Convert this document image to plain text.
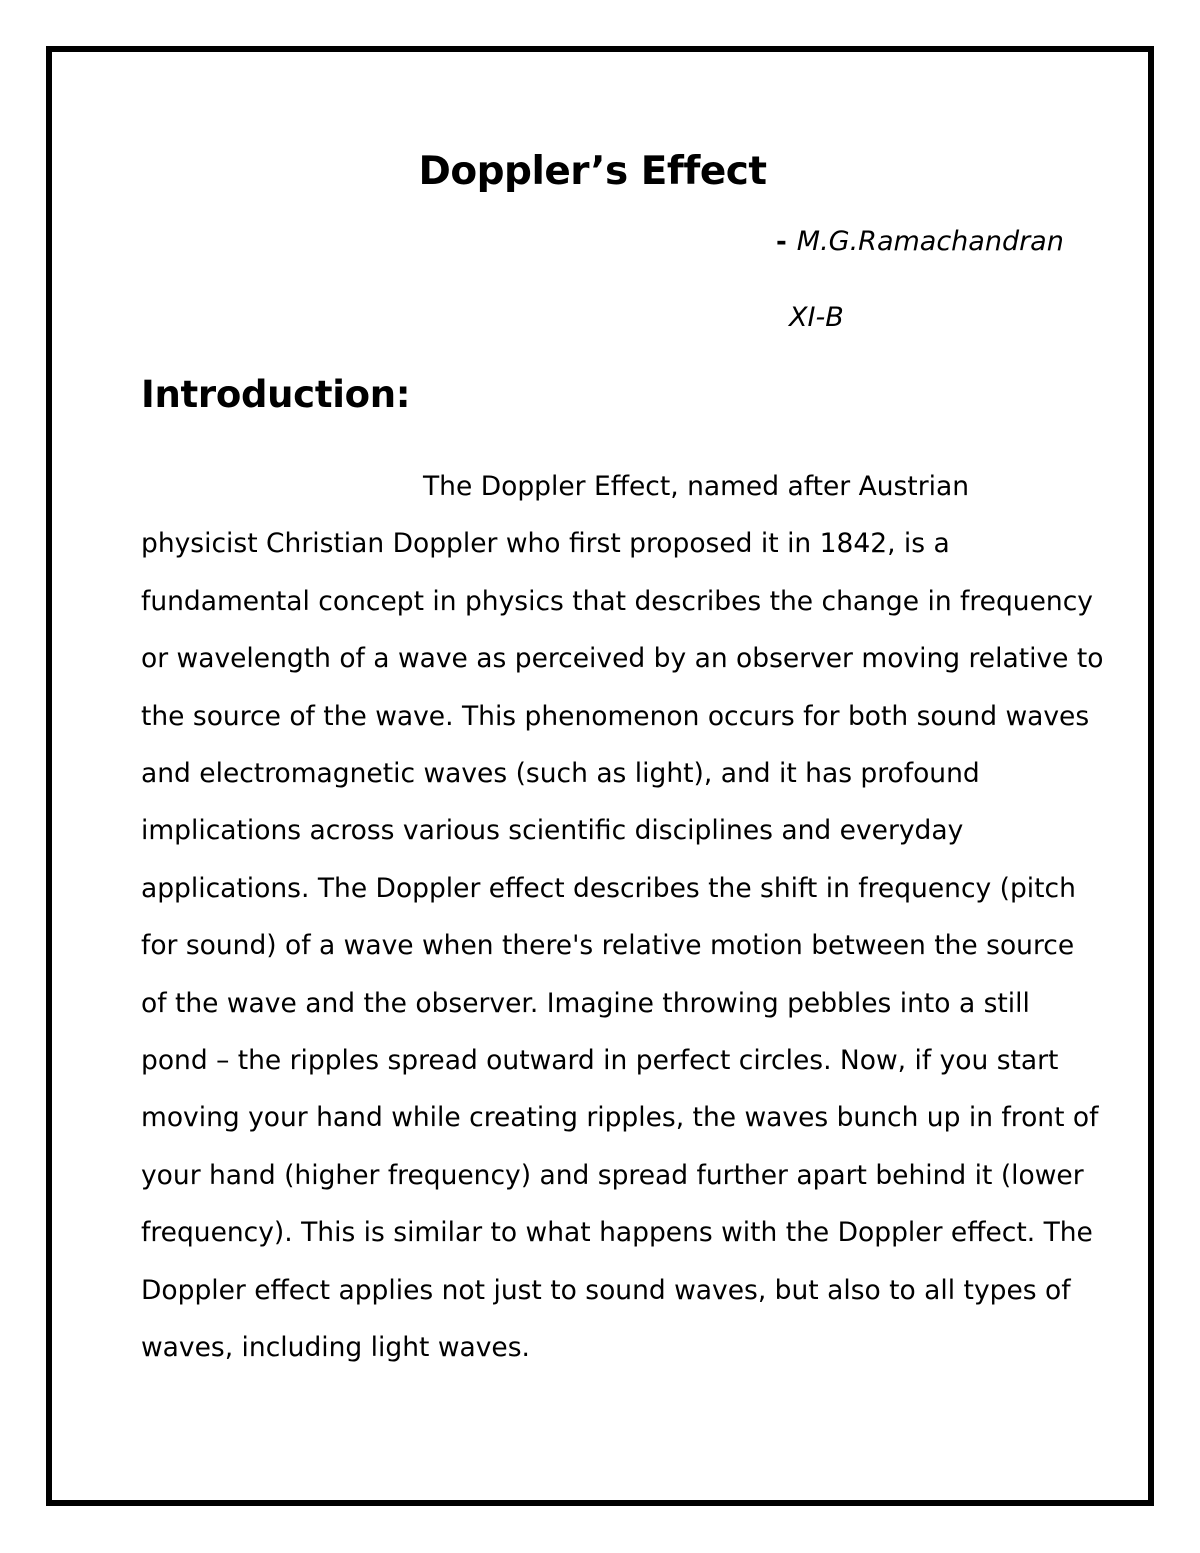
Doppler’s Effect
- M.G.Ramachandran
XI-B
Introduction:
The Doppler Effect, named after Austrian
physicist Christian Doppler who first proposed it in 1842, is a
fundamental concept in physics that describes the change in frequency
or wavelength of a wave as perceived by an observer moving relative to
the source of the wave. This phenomenon occurs for both sound waves
and electromagnetic waves (such as light), and it has profound
implications across various scientific disciplines and everyday
applications. The Doppler effect describes the shift in frequency (pitch
for sound) of a wave when there's relative motion between the source
of the wave and the observer. Imagine throwing pebbles into a still
pond – the ripples spread outward in perfect circles. Now, if you start
moving your hand while creating ripples, the waves bunch up in front of
your hand (higher frequency) and spread further apart behind it (lower
frequency). This is similar to what happens with the Doppler effect. The
Doppler effect applies not just to sound waves, but also to all types of
waves, including light waves.
